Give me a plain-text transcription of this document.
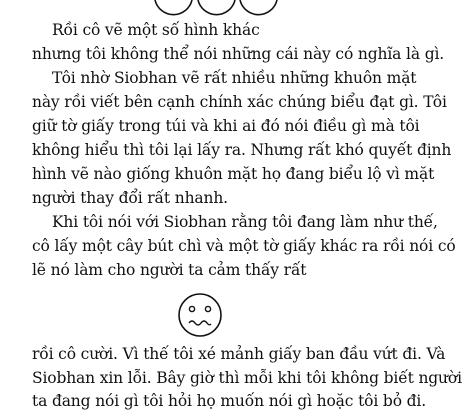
Rồi cô vẽ một số hình khác
nhưng tôi không thể nói những cái này có nghĩa là gì.
Tôi nhờ Siobhan vẽ rất nhiều những khuôn mặt
này rồi viết bên cạnh chính xác chúng biểu đạt gì. Tôi
giữ tờ giấy trong túi và khi ai đó nói điều gì mà tôi
không hiểu thì tôi lại lấy ra. Nhưng rất khó quyết định
hình vẽ nào giống khuôn mặt họ đang biểu lộ vì mặt
người thay đổi rất nhanh.
Khi tôi nói với Siobhan rằng tôi đang làm như thế,
cô lấy một cây bút chì và một tờ giấy khác ra rồi nói có
lẽ nó làm cho người ta cảm thấy rất
rồi cô cười. Vì thế tôi xé mảnh giấy ban đầu vứt đi. Và
Siobhan xin lỗi. Bây giờ thì mỗi khi tôi không biết người
ta đang nói gì tôi hỏi họ muốn nói gì hoặc tôi bỏ đi.
